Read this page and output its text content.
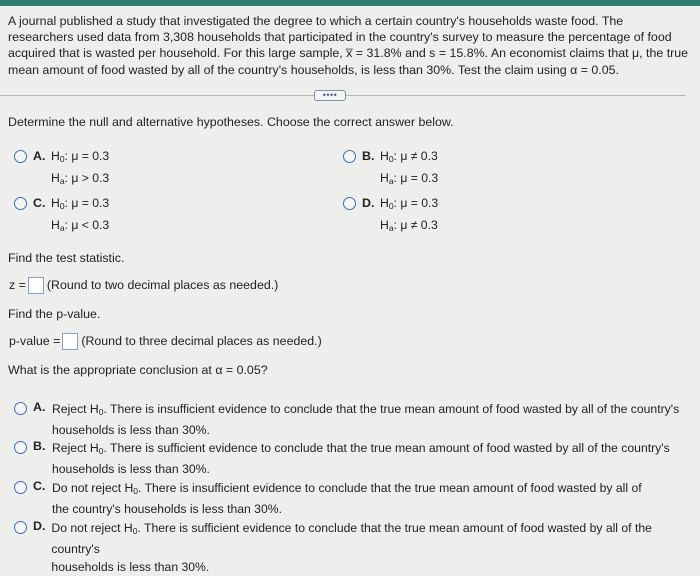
A journal published a study that investigated the degree to which a certain country's households waste food. The researchers used data from 3,308 households that participated in the country's survey to measure the percentage of food acquired that is wasted per household. For this large sample, x̅ = 31.8% and s = 15.8%. An economist claims that μ, the true mean amount of food wasted by all of the country's households, is less than 30%. Test the claim using α = 0.05.
••••
Determine the null and alternative hypotheses. Choose the correct answer below.
A. $H_0$: μ = 0.3
$H_a$: μ > 0.3
B. $H_0$: μ ≠ 0.3
$H_a$: μ = 0.3
C. $H_0$: μ = 0.3
$H_a$: μ < 0.3
D. $H_0$: μ = 0.3
$H_a$: μ ≠ 0.3
Find the test statistic.
z = (Round to two decimal places as needed.)
Find the p-value.
p-value = (Round to three decimal places as needed.)
What is the appropriate conclusion at α = 0.05?
A. Reject $H_0$. There is insufficient evidence to conclude that the true mean amount of food wasted by all of the country's
households is less than 30%.
B. Reject $H_0$. There is sufficient evidence to conclude that the true mean amount of food wasted by all of the country's
households is less than 30%.
C. Do not reject $H_0$. There is insufficient evidence to conclude that the true mean amount of food wasted by all of
the country's households is less than 30%.
D. Do not reject $H_0$. There is sufficient evidence to conclude that the true mean amount of food wasted by all of the country's
households is less than 30%.
